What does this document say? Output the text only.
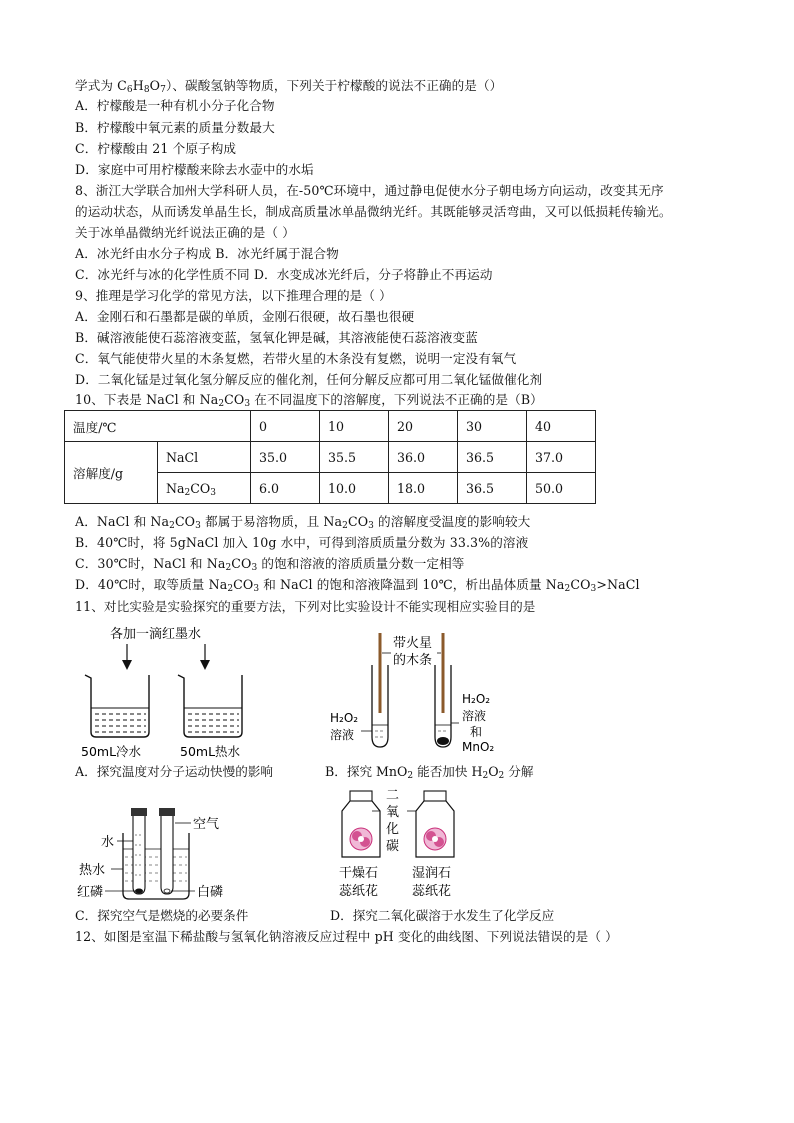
学式为 $C_6H_8O_7$）、碳酸氢钠等物质，下列关于柠檬酸的说法不正确的是（）
A．柠檬酸是一种有机小分子化合物
B．柠檬酸中氧元素的质量分数最大
C．柠檬酸由 21 个原子构成
D．家庭中可用柠檬酸来除去水壶中的水垢
8、浙江大学联合加州大学科研人员，在-50℃环境中，通过静电促使水分子朝电场方向运动，改变其无序
的运动状态，从而诱发单晶生长，制成高质量冰单晶微纳光纤。其既能够灵活弯曲，又可以低损耗传输光。
关于冰单晶微纳光纤说法正确的是（ ）
A．冰光纤由水分子构成 B．冰光纤属于混合物
C．冰光纤与冰的化学性质不同 D．水变成冰光纤后，分子将静止不再运动
9、推理是学习化学的常见方法，以下推理合理的是（ ）
A．金刚石和石墨都是碳的单质，金刚石很硬，故石墨也很硬
B．碱溶液能使石蕊溶液变蓝，氢氧化钾是碱，其溶液能使石蕊溶液变蓝
C．氧气能使带火星的木条复燃，若带火星的木条没有复燃，说明一定没有氧气
D．二氧化锰是过氧化氢分解反应的催化剂，任何分解反应都可用二氧化锰做催化剂
10、下表是 NaCl 和 $Na_2CO_3$ 在不同温度下的溶解度，下列说法不正确的是（B）
温度/℃		0	10	20	30	40
溶解度/g	NaCl	35.0	35.5	36.0	36.5	37.0
	$Na_2CO_3$	6.0	10.0	18.0	36.5	50.0
A．NaCl 和 $Na_2CO_3$ 都属于易溶物质，且 $Na_2CO_3$ 的溶解度受温度的影响较大
B．40℃时，将 5gNaCl 加入 10g 水中，可得到溶质质量分数为 33.3%的溶液
C．30℃时，NaCl 和 $Na_2CO_3$ 的饱和溶液的溶质质量分数一定相等
D．40℃时，取等质量 $Na_2CO_3$ 和 NaCl 的饱和溶液降温到 10℃，析出晶体质量 $Na_2CO_3>NaCl$
11、对比实验是实验探究的重要方法，下列对比实验设计不能实现相应实验目的是
各加一滴红墨水
50mL冷水	50mL热水
A．探究温度对分子运动快慢的影响
带火星
的木条
H₂O₂
溶液
H₂O₂
溶液
和
MnO₂
B．探究 MnO$_2$ 能否加快 $H_2O_2$ 分解
空气
水
热水
红磷	白磷
C．探究空气是燃烧的必要条件
二
氧
化
碳
干燥石
蕊纸花
湿润石
蕊纸花
D．探究二氧化碳溶于水发生了化学反应
12、如图是室温下稀盐酸与氢氧化钠溶液反应过程中 pH 变化的曲线图、下列说法错误的是（ ）
